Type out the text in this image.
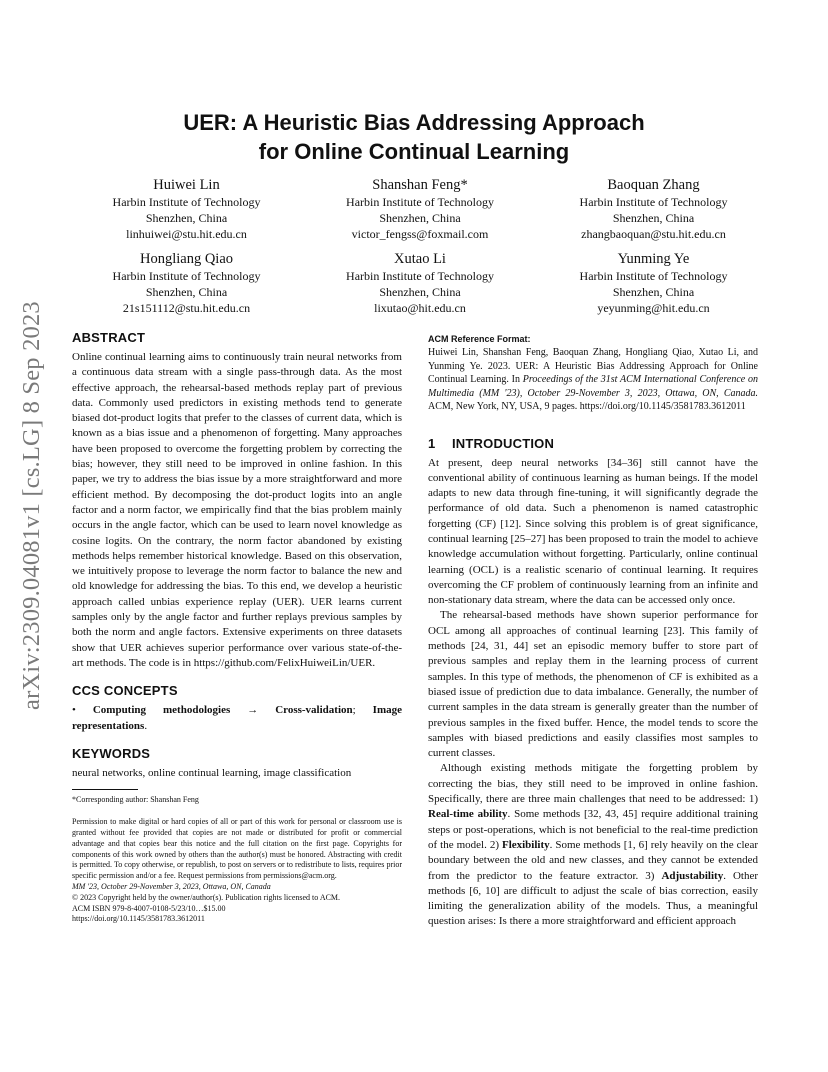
arXiv:2309.04081v1 [cs.LG] 8 Sep 2023
UER: A Heuristic Bias Addressing Approach
for Online Continual Learning
Huiwei Lin
Harbin Institute of Technology
Shenzhen, China
linhuiwei@stu.hit.edu.cn
Shanshan Feng*
Harbin Institute of Technology
Shenzhen, China
victor_fengss@foxmail.com
Baoquan Zhang
Harbin Institute of Technology
Shenzhen, China
zhangbaoquan@stu.hit.edu.cn
Hongliang Qiao
Harbin Institute of Technology
Shenzhen, China
21s151112@stu.hit.edu.cn
Xutao Li
Harbin Institute of Technology
Shenzhen, China
lixutao@hit.edu.cn
Yunming Ye
Harbin Institute of Technology
Shenzhen, China
yeyunming@hit.edu.cn
ABSTRACT

Online continual learning aims to continuously train neural networks from a continuous data stream with a single pass-through data. As the most effective approach, the rehearsal-based methods replay part of previous data. Commonly used predictors in existing methods tend to generate biased dot-product logits that prefer to the classes of current data, which is known as a bias issue and a phenomenon of forgetting. Many approaches have been proposed to overcome the forgetting problem by correcting the bias; however, they still need to be improved in online fashion. In this paper, we try to address the bias issue by a more straightforward and more efficient method. By decomposing the dot-product logits into an angle factor and a norm factor, we empirically find that the bias problem mainly occurs in the angle factor, which can be used to learn novel knowledge as cosine logits. On the contrary, the norm factor abandoned by existing methods helps remember historical knowledge. Based on this observation, we intuitively propose to leverage the norm factor to balance the new and old knowledge for addressing the bias. To this end, we develop a heuristic approach called unbias experience replay (UER). UER learns current samples only by the angle factor and further replays previous samples by both the norm and angle factors. Extensive experiments on three datasets show that UER achieves superior performance over various state-of-the-art methods. The code is in https://github.com/FelixHuiweiLin/UER.

CCS CONCEPTS

• Computing methodologies → Cross-validation; Image representations.

KEYWORDS

neural networks, online continual learning, image classification

*Corresponding author: Shanshan Feng
Permission to make digital or hard copies of all or part of this work for personal or classroom use is granted without fee provided that copies are not made or distributed for profit or commercial advantage and that copies bear this notice and the full citation on the first page. Copyrights for components of this work owned by others than the author(s) must be honored. Abstracting with credit is permitted. To copy otherwise, or republish, to post on servers or to redistribute to lists, requires prior specific permission and/or a fee. Request permissions from permissions@acm.org.
MM '23, October 29-November 3, 2023, Ottawa, ON, Canada
© 2023 Copyright held by the owner/author(s). Publication rights licensed to ACM.
ACM ISBN 979-8-4007-0108-5/23/10…$15.00
https://doi.org/10.1145/3581783.3612011
ACM Reference Format:
Huiwei Lin, Shanshan Feng, Baoquan Zhang, Hongliang Qiao, Xutao Li, and Yunming Ye. 2023. UER: A Heuristic Bias Addressing Approach for Online Continual Learning. In Proceedings of the 31st ACM International Conference on Multimedia (MM '23), October 29-November 3, 2023, Ottawa, ON, Canada. ACM, New York, NY, USA, 9 pages. https://doi.org/10.1145/3581783.3612011
1 INTRODUCTION

At present, deep neural networks [34–36] still cannot have the conventional ability of continuous learning as human beings. If the model adapts to new data through fine-tuning, it will significantly degrade the performance of old data. Such a phenomenon is named catastrophic forgetting (CF) [12]. Since solving this problem is of great significance, continual learning [25–27] has been proposed to train the model to achieve knowledge accumulation without forgetting. Particularly, online continual learning (OCL) is a realistic scenario of continual learning. It requires overcoming the CF problem of continuously learning from an infinite and non-stationary data stream, where the data can be accessed only once.

The rehearsal-based methods have shown superior performance for OCL among all approaches of continual learning [23]. This family of methods [24, 31, 44] set an episodic memory buffer to store part of previous samples and replay them in the learning process of current samples. In this type of methods, the phenomenon of CF is exhibited as a biased issue of prediction due to data imbalance. Generally, the number of current samples in the data stream is generally greater than the number of previous samples in the fixed buffer. Hence, the model tends to score the samples with biased predictions and easily classifies most samples to current classes.

Although existing methods mitigate the forgetting problem by correcting the bias, they still need to be improved in online fashion. Specifically, there are three main challenges that need to be addressed: 1) Real-time ability. Some methods [32, 43, 45] require additional training steps or post-operations, which is not beneficial to the real-time prediction of the model. 2) Flexibility. Some methods [1, 6] rely heavily on the clear boundary between the old and new classes, and they cannot be extended from the predictor to the feature extractor. 3) Adjustability. Other methods [6, 10] are difficult to adjust the scale of bias correction, easily limiting the generalization ability of the models. Thus, a meaningful question arises: Is there a more straightforward and efficient approach
